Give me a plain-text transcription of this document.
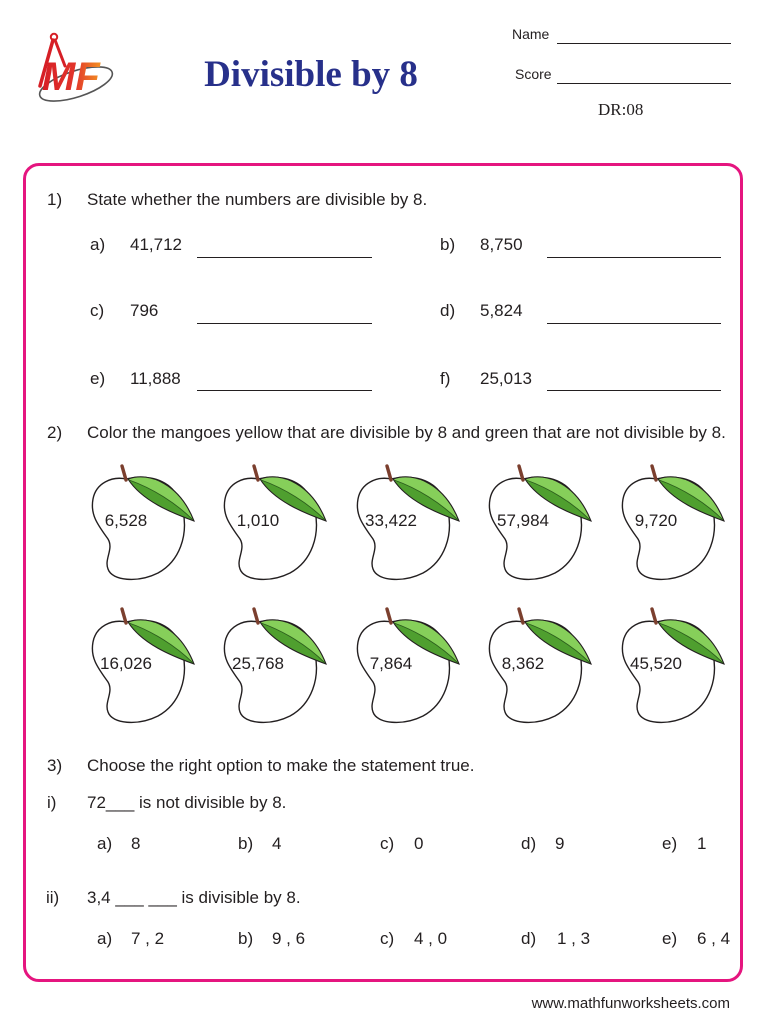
MF	Divisible by 8
Name
Score
DR:08
1) State whether the numbers are divisible by 8.
a) 41,712	b) 8,750
c) 796	d) 5,824
e) 11,888	f) 25,013
2) Color the mangoes yellow that are divisible by 8 and green that are not divisible by 8.
6,528	1,010	33,422	57,984	9,720
16,026	25,768	7,864	8,362	45,520
3) Choose the right option to make the statement true.
i) 72___ is not divisible by 8.
a) 8	b) 4	c) 0	d) 9	e) 1
ii) 3,4 ___ ___ is divisible by 8.
a) 7 , 2	b) 9 , 6	c) 4 , 0	d) 1 , 3	e) 6 , 4
www.mathfunworksheets.com
